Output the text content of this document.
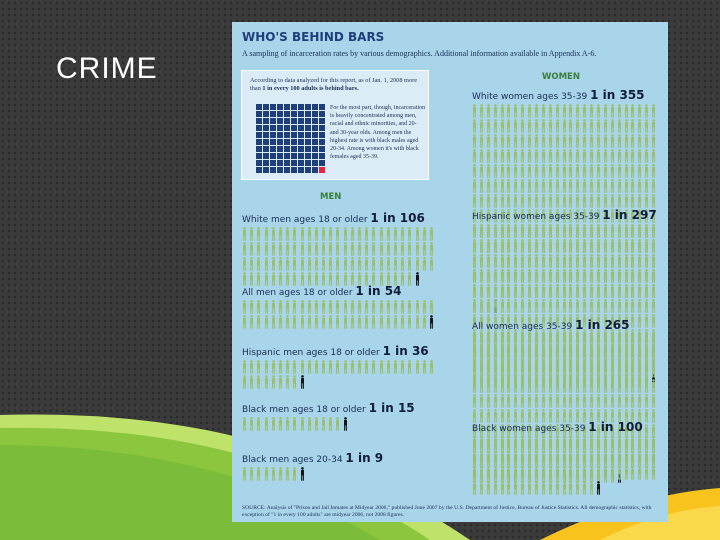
CRIME
WHO'S BEHIND BARS
A sampling of incarceration rates by various demographics. Additional information available in Appendix A-6.
According to data analyzed for this report, as of Jan. 1, 2008 more than 1 in every 100 adults is behind bars.
For the most part, though, incarceration is heavily concentrated among men, racial and ethnic minorities, and 20- and 30-year olds. Among men the highest rate is with black males aged 20-34. Among women it's with black females aged 35-39.
MEN
WOMEN
White men ages 18 or older 1 in 106
All men ages 18 or older 1 in 54
Hispanic men ages 18 or older 1 in 36
Black men ages 18 or older 1 in 15
Black men ages 20-34 1 in 9
White women ages 35-39 1 in 355
Hispanic women ages 35-39 1 in 297
All women ages 35-39 1 in 265
Black women ages 35-39 1 in 100
SOURCE: Analysis of "Prison and Jail Inmates at Midyear 2006," published June 2007 by the U.S. Department of Justice, Bureau of Justice Statistics. All demographic statistics, with exception of "1 in every 100 adults" are midyear 2006, not 2008 figures.
